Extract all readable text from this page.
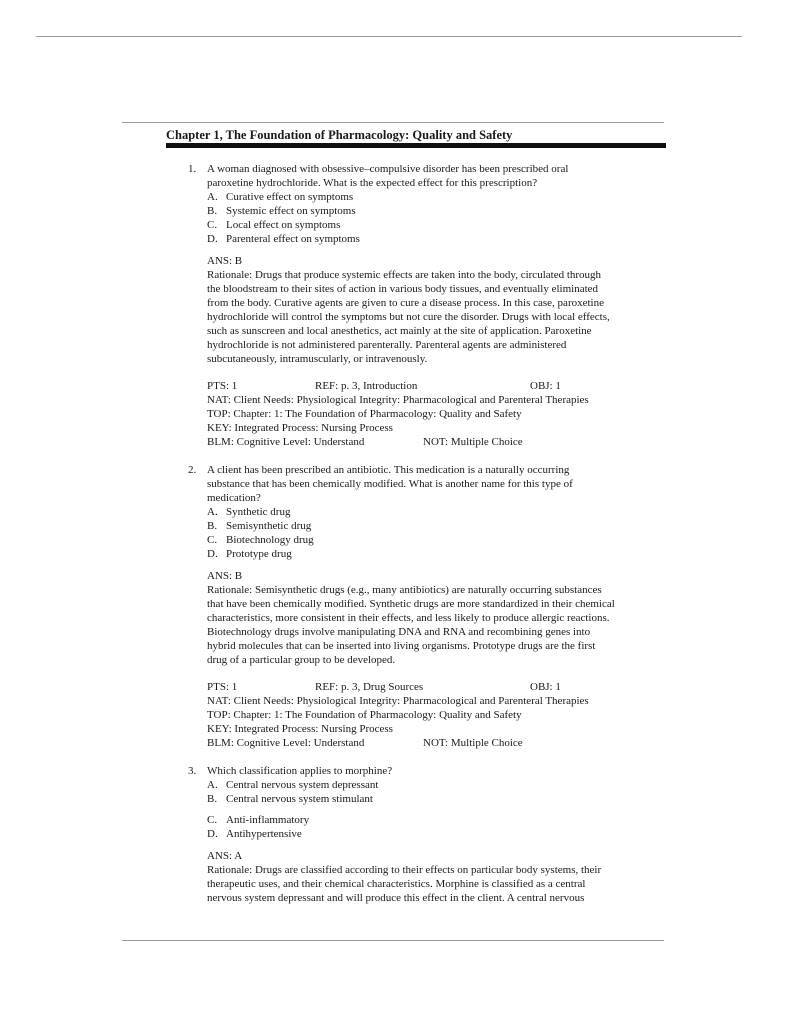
Chapter 1, The Foundation of Pharmacology: Quality and Safety
1. A woman diagnosed with obsessive–compulsive disorder has been prescribed oral
paroxetine hydrochloride. What is the expected effect for this prescription?
A. Curative effect on symptoms
B. Systemic effect on symptoms
C. Local effect on symptoms
D. Parenteral effect on symptoms
ANS: B
Rationale: Drugs that produce systemic effects are taken into the body, circulated through
the bloodstream to their sites of action in various body tissues, and eventually eliminated
from the body. Curative agents are given to cure a disease process. In this case, paroxetine
hydrochloride will control the symptoms but not cure the disorder. Drugs with local effects,
such as sunscreen and local anesthetics, act mainly at the site of application. Paroxetine
hydrochloride is not administered parenterally. Parenteral agents are administered
subcutaneously, intramuscularly, or intravenously.
PTS: 1	REF: p. 3, Introduction	OBJ: 1
NAT: Client Needs: Physiological Integrity: Pharmacological and Parenteral Therapies
TOP: Chapter: 1: The Foundation of Pharmacology: Quality and Safety
KEY: Integrated Process: Nursing Process
BLM: Cognitive Level: Understand	NOT: Multiple Choice
2. A client has been prescribed an antibiotic. This medication is a naturally occurring
substance that has been chemically modified. What is another name for this type of
medication?
A. Synthetic drug
B. Semisynthetic drug
C. Biotechnology drug
D. Prototype drug
ANS: B
Rationale: Semisynthetic drugs (e.g., many antibiotics) are naturally occurring substances
that have been chemically modified. Synthetic drugs are more standardized in their chemical
characteristics, more consistent in their effects, and less likely to produce allergic reactions.
Biotechnology drugs involve manipulating DNA and RNA and recombining genes into
hybrid molecules that can be inserted into living organisms. Prototype drugs are the first
drug of a particular group to be developed.
PTS: 1	REF: p. 3, Drug Sources	OBJ: 1
NAT: Client Needs: Physiological Integrity: Pharmacological and Parenteral Therapies
TOP: Chapter: 1: The Foundation of Pharmacology: Quality and Safety
KEY: Integrated Process: Nursing Process
BLM: Cognitive Level: Understand	NOT: Multiple Choice
3. Which classification applies to morphine?
A. Central nervous system depressant
B. Central nervous system stimulant
C. Anti-inflammatory
D. Antihypertensive
ANS: A
Rationale: Drugs are classified according to their effects on particular body systems, their
therapeutic uses, and their chemical characteristics. Morphine is classified as a central
nervous system depressant and will produce this effect in the client. A central nervous
